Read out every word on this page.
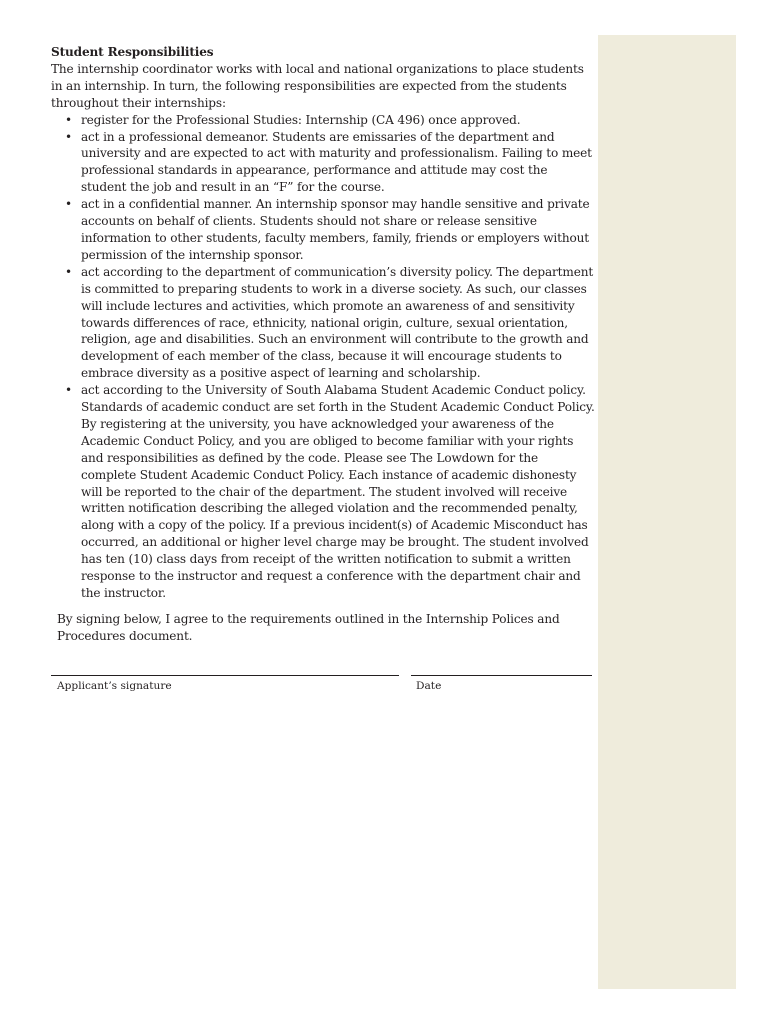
Student Responsibilities

The internship coordinator works with local and national organizations to place students in an internship. In turn, the following responsibilities are expected from the students throughout their internships:

• register for the Professional Studies: Internship (CA 496) once approved.
• act in a professional demeanor. Students are emissaries of the department and university and are expected to act with maturity and professionalism. Failing to meet professional standards in appearance, performance and attitude may cost the student the job and result in an “F” for the course.
• act in a confidential manner. An internship sponsor may handle sensitive and private accounts on behalf of clients. Students should not share or release sensitive information to other students, faculty members, family, friends or employers without permission of the internship sponsor.
• act according to the department of communication’s diversity policy. The department is committed to preparing students to work in a diverse society. As such, our classes will include lectures and activities, which promote an awareness of and sensitivity towards differences of race, ethnicity, national origin, culture, sexual orientation, religion, age and disabilities. Such an environment will contribute to the growth and development of each member of the class, because it will encourage students to embrace diversity as a positive aspect of learning and scholarship.
• act according to the University of South Alabama Student Academic Conduct policy. Standards of academic conduct are set forth in the Student Academic Conduct Policy. By registering at the university, you have acknowledged your awareness of the Academic Conduct Policy, and you are obliged to become familiar with your rights and responsibilities as defined by the code. Please see The Lowdown for the complete Student Academic Conduct Policy. Each instance of academic dishonesty will be reported to the chair of the department. The student involved will receive written notification describing the alleged violation and the recommended penalty, along with a copy of the policy. If a previous incident(s) of Academic Misconduct has occurred, an additional or higher level charge may be brought. The student involved has ten (10) class days from receipt of the written notification to submit a written response to the instructor and request a conference with the department chair and the instructor.

By signing below, I agree to the requirements outlined in the Internship Polices and Procedures document.

Applicant’s signature	Date
